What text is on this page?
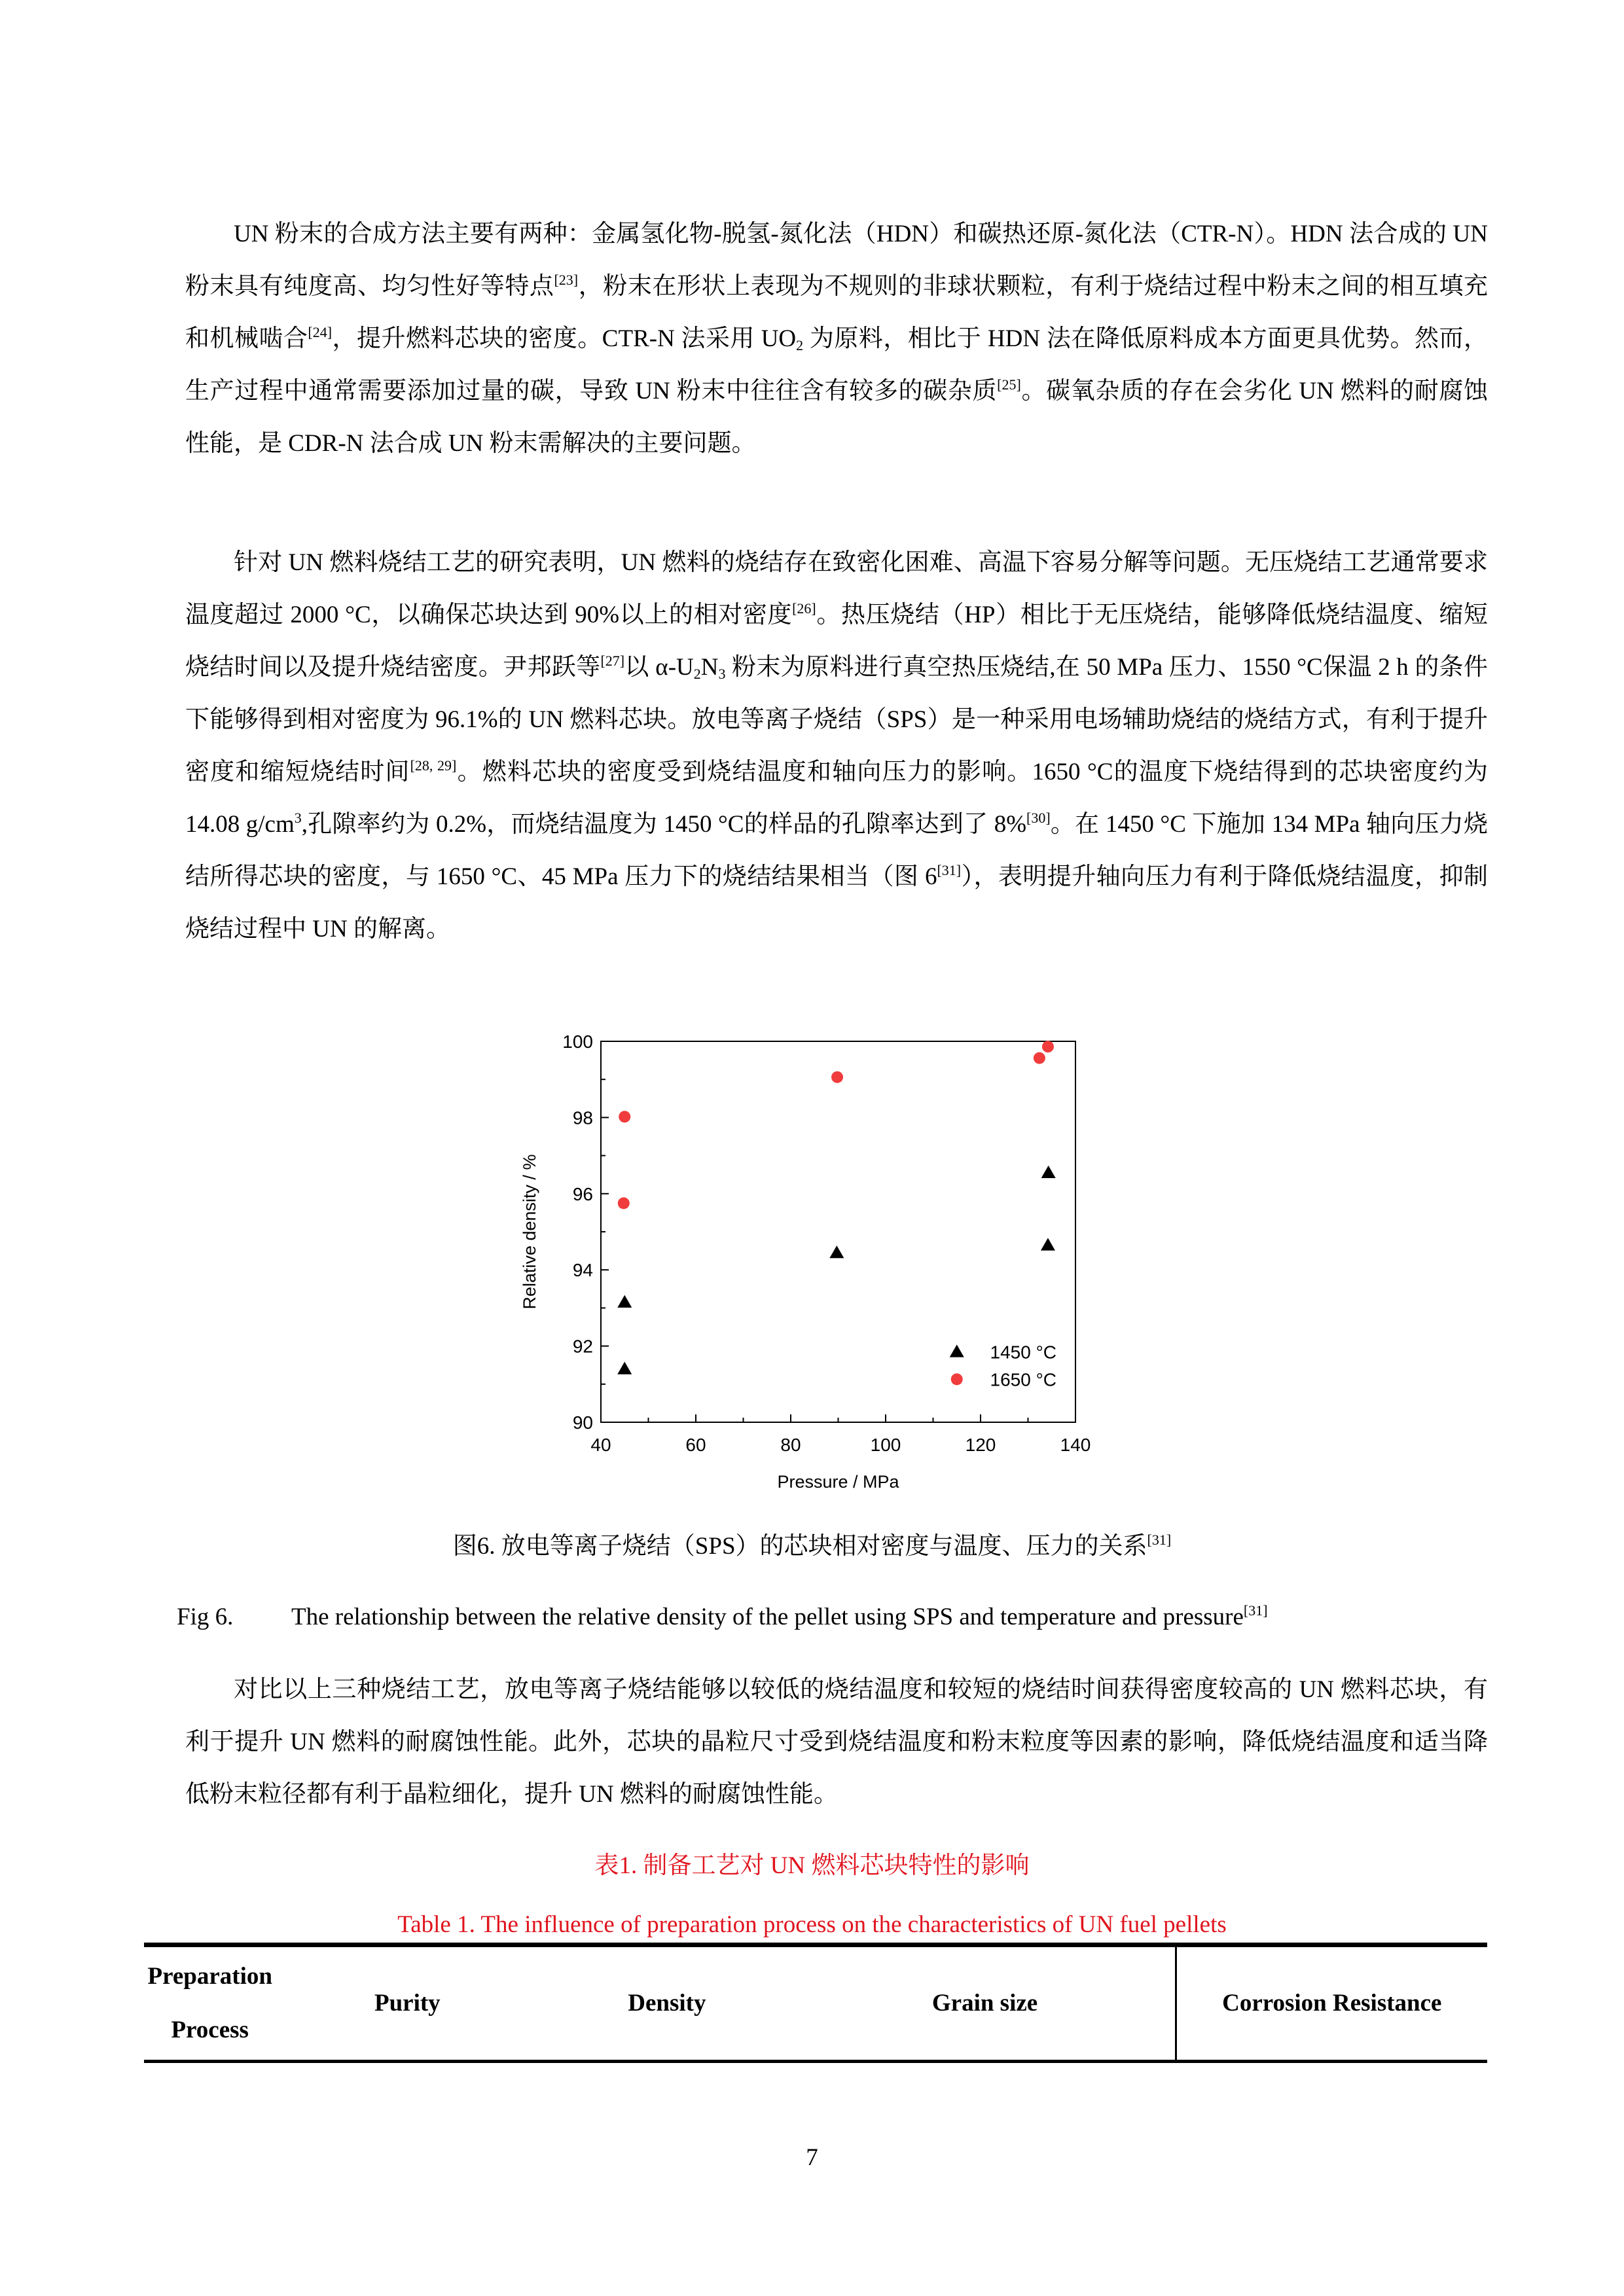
UN 粉末的合成方法主要有两种：金属氢化物-脱氢-氮化法（HDN）和碳热还原-氮化法（CTR-N）。HDN 法合成的 UN 粉末具有纯度高、均匀性好等特点[23]，粉末在形状上表现为不规则的非球状颗粒，有利于烧结过程中粉末之间的相互填充和机械啮合[24]，提升燃料芯块的密度。CTR-N 法采用 $UO_2$ 为原料，相比于 HDN 法在降低原料成本方面更具优势。然而，生产过程中通常需要添加过量的碳，导致 UN 粉末中往往含有较多的碳杂质[25]。碳氧杂质的存在会劣化 UN 燃料的耐腐蚀性能，是 CDR-N 法合成 UN 粉末需解决的主要问题。

针对 UN 燃料烧结工艺的研究表明，UN 燃料的烧结存在致密化困难、高温下容易分解等问题。无压烧结工艺通常要求温度超过 2000 °C，以确保芯块达到 90%以上的相对密度[26]。热压烧结（HP）相比于无压烧结，能够降低烧结温度、缩短烧结时间以及提升烧结密度。尹邦跃等[27]以 $\alpha-U_2N_3$ 粉末为原料进行真空热压烧结,在 50 MPa 压力、1550 °C保温 2 h 的条件下能够得到相对密度为 96.1%的 UN 燃料芯块。放电等离子烧结（SPS）是一种采用电场辅助烧结的烧结方式，有利于提升密度和缩短烧结时间[28, 29]。燃料芯块的密度受到烧结温度和轴向压力的影响。1650 °C的温度下烧结得到的芯块密度约为 14.08 $g/cm^3$,孔隙率约为 0.2%，而烧结温度为 1450 °C的样品的孔隙率达到了 8%[30]。在 1450 °C 下施加 134 MPa 轴向压力烧结所得芯块的密度，与 1650 °C、45 MPa 压力下的烧结结果相当（图 6[31]），表明提升轴向压力有利于降低烧结温度，抑制烧结过程中 UN 的解离。

40	60	80	100	120	140
90
92
94
96
98
100
Pressure / MPa
Relative density / %
1450 °C
1650 °C

图6. 放电等离子烧结（SPS）的芯块相对密度与温度、压力的关系[31]

Fig 6. The relationship between the relative density of the pellet using SPS and temperature and pressure[31]

对比以上三种烧结工艺，放电等离子烧结能够以较低的烧结温度和较短的烧结时间获得密度较高的 UN 燃料芯块，有利于提升 UN 燃料的耐腐蚀性能。此外，芯块的晶粒尺寸受到烧结温度和粉末粒度等因素的影响，降低烧结温度和适当降低粉末粒径都有利于晶粒细化，提升 UN 燃料的耐腐蚀性能。

表1. 制备工艺对 UN 燃料芯块特性的影响

Table 1. The influence of preparation process on the characteristics of UN fuel pellets

Preparation
Process	Purity	Density	Grain size	Corrosion Resistance
7
